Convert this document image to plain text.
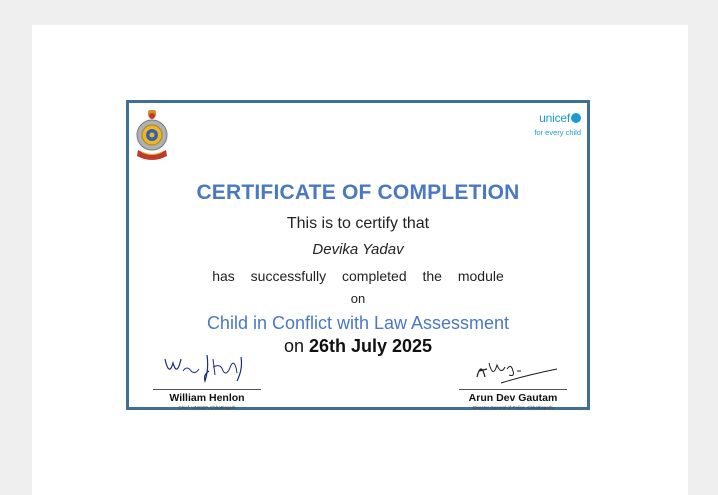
unicef
for every child
CERTIFICATE OF COMPLETION
This is to certify that
Devika Yadav
has successfully completed the module
on
Child in Conflict with Law Assessment
on 26th July 2025
William Henlon
Chief, UNICEF, Chhattisgarh
Arun Dev Gautam
Director General of Police, Chhattisgarh
